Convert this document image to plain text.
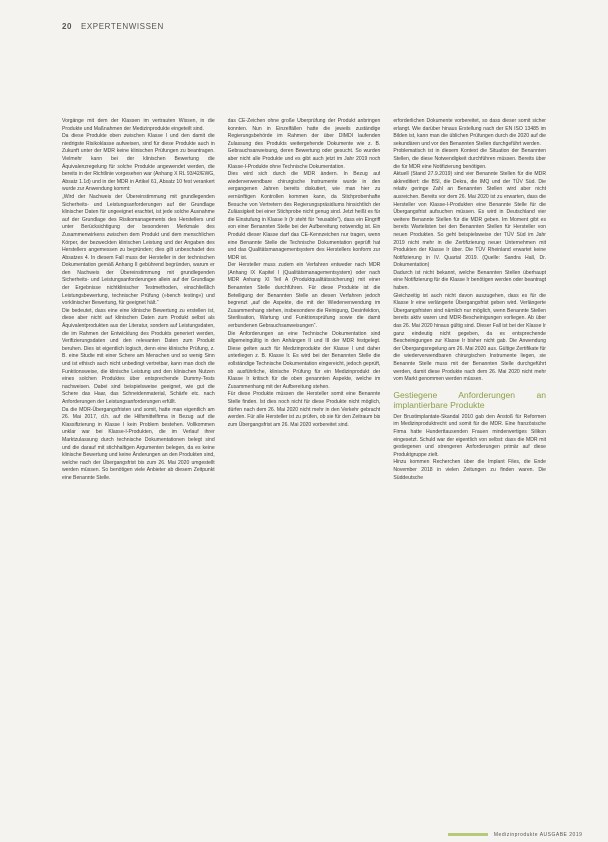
20 EXPERTENWISSEN

Vorgänge mit dem der Klassen im vertrauten Wissen, in die Produkte und Maßnahmen der Medizinprodukte eingeteilt sind.

Da diese Produkte oben zwischen Klasse I und den damit die niedrigste Risikoklasse aufweisen, sind für diese Produkte auch in Zukunft unter der MDR keine klinischen Prüfungen zu beantragen. Vielmehr kann bei der klinischen Bewertung die Äquivalenzregelung für solche Produkte angewendet werden, die bereits in der Richtlinie vorgesehen war (Anhang X RL 93/42/EWG, Absatz 1.1d) und in der MDR in Artikel 61, Absatz 10 fest verankert wurde zur Anwendung kommt:

„Wird der Nachweis der Übereinstimmung mit grundlegenden Sicherheits- und Leistungsanforderungen auf der Grundlage klinischer Daten für ungeeignet erachtet, ist jede solche Ausnahme auf der Grundlage des Risikomanagements des Herstellers und unter Berücksichtigung der besonderen Merkmale des Zusammenwirkens zwischen dem Produkt und dem menschlichen Körper, der bezweckten klinischen Leistung und der Angaben des Herstellers angemessen zu begründen; dies gilt unbeschadet des Absatzes 4. In diesem Fall muss der Hersteller in der technischen Dokumentation gemäß Anhang II gebührend begründen, warum er den Nachweis der Übereinstimmung mit grundlegenden Sicherheits- und Leistungsanforderungen allein auf der Grundlage der Ergebnisse nichtklinischer Testmethoden, einschließlich Leistungsbewertung, technischer Prüfung (»bench testing«) und vorklinischer Bewertung, für geeignet hält.“

Die bedeutet, dass eine eine klinische Bewertung zu erstellen ist, diese aber nicht auf klinischen Daten zum Produkt selbst als Äquivalentprodukten aus der Literatur, sondern auf Leistungsdaten, die im Rahmen der Entwicklung des Produkts generiert werden, Verifizierungsdaten und den relevanten Daten zum Produkt beruhen. Dies ist eigentlich logisch, denn eine klinische Prüfung, z. B. eine Studie mit einer Schere am Menschen und so wenig Sinn und ist ethisch auch nicht unbedingt vertretbar, kann man doch die Funktionsweise, die klinische Leistung und den klinischen Nutzen eines solchen Produktes über entsprechende Dummy-Tests nachweisen. Dabei sind beispielsweise geeignet, wie gut die Schere das Haar, das Schneidenmaterial, Schärfe etc. nach Anforderungen der Leistungsanforderungen erfüllt.

Da die MDR-Übergangsfristen und somit, hatte man eigentlich am 26. Mai 2017, d.h. auf die Hilfsmittelfirma in Bezug auf die Klassifizierung in Klasse I kein Problem bestehen. Vollkommen unklar war bei Klasse-I-Produkten, die im Verlauf ihrer Marktzulassung durch technische Dokumentationen belegt sind und die darauf mit stichhaltigen Argumenten belegen, da es keine klinische Bewertung und keine Änderungen an den Produkten sind, welche nach der Übergangsfrist bis zum 26. Mai 2020 umgestellt werden müssen. So benötigen viele Anbieter ab diesem Zeitpunkt eine Benannte Stelle.

das CE-Zeichen ohne große Überprüfung der Produkt anbringen konnten. Nun in Einzelfällen hatte die jeweils zuständige Regierungsbehörde im Rahmen der über DIMDI laufenden Zulassung des Produkts weitergehende Dokumente wie z. B. Gebrauchsanweisung, deren Bewertung oder gesucht. So wurden aber nicht alle Produkte und es gibt auch jetzt im Jahr 2019 noch Klasse-I-Produkte ohne Technische Dokumentation.

Dies wird sich durch die MDR ändern. In Bezug auf wiederverwendbare chirurgische Instrumente wurde in den vergangenen Jahren bereits diskutiert, wie man hier zu vernünftigen Kontrollen kommen kann, da Stichprobenhafte Besuche von Vertretern des Regierungspräsidiums hinsichtlich der Zulässigkeit bei einer Stichprobe nicht genug sind. Jetzt heißt es für die Einstufung in Klasse Ir (Ir steht für "reusable"), dass ein Eingriff von einer Benannten Stelle bei der Aufbereitung notwendig ist. Ein Produkt dieser Klasse darf das CE-Kennzeichen nur tragen, wenn eine Benannte Stelle die Technische Dokumentation geprüft hat und das Qualitätsmanagementsystem des Herstellers konform zur MDR ist.

Der Hersteller muss zudem ein Verfahren entweder nach MDR (Anhang IX Kapitel I (Qualitätsmanagementsystem) oder nach MDR Anhang XI Teil A (Produktqualitätssicherung) mit einer Benannten Stelle durchführen. Für diese Produkte ist die Beteiligung der Benannten Stelle an diesen Verfahren jedoch begrenzt „auf die Aspekte, die mit der Wiederverwendung im Zusammenhang stehen, insbesondere die Reinigung, Desinfektion, Sterilisation, Wartung und Funktionsprüfung sowie die damit verbundenen Gebrauchsanweisungen“.

Die Anforderungen an eine Technische Dokumentation sind allgemeingültig in den Anhängen II und III der MDR festgelegt. Diese gelten auch für Medizinprodukte der Klasse I und daher unterliegen z. B. Klasse Ir. Es wird bei der Benannten Stelle die vollständige Technische Dokumentation eingereicht, jedoch geprüft, ob ausführliche, klinische Prüfung für ein Medizinprodukt der Klasse Ir kritisch für die oben genannten Aspekte, welche im Zusammenhang mit der Aufbereitung stehen.

Für diese Produkte müssen die Hersteller somit eine Benannte Stelle finden. Ist dies noch nicht für diese Produkte nicht möglich, dürfen nach dem 26. Mai 2020 nicht mehr in den Verkehr gebracht werden. Für alle Hersteller ist zu prüfen, ob sie für den Zeitraum bis zum Übergangsfrist am 26. Mai 2020 vorbereitet sind.

erforderlichen Dokumente vorbereitet, so dass dieser somit sicher erlangt. Wie darüber hinaus Erstellung nach der EN ISO 13485 im Bilden ist, kann man die üblichen Prüfungen durch die 2020 auf die sekundären und vor den Benannten Stellen durchgeführt werden.

Problematisch ist in diesem Kontext die Situation der Benannten Stellen, die diese Notwendigkeit durchführen müssen. Bereits über die für MDR eine Notifizierung benötigen.

Aktuell (Stand 27.9.2019) sind vier Benannte Stellen für die MDR akkreditiert: die BSI, die Dekra, die IMQ und der TÜV Süd. Die relativ geringe Zahl an Benannten Stellen wird aber nicht ausreichen. Bereits vor dem 26. Mai 2020 ist zu erwarten, dass die Hersteller von Klasse-I-Produkten eine Benannte Stelle für die Übergangsfrist aufsuchen müssen. Es wird in Deutschland vier weitere Benannte Stellen für die MDR geben. Im Moment gibt es bereits Wartelisten bei den Benannten Stellen für Hersteller von neuen Produkten. So geht beispielsweise der TÜV Süd im Jahr 2019 nicht mehr in die Zertifizierung neuer Unternehmen mit Produkten der Klasse Ir über. Die TÜV Rheinland erwartet keine Notifizierung in IV. Quartal 2019. (Quelle: Sandra Hall, Dr. Dokumentation)

Dadurch ist nicht bekannt, welche Benannten Stellen überhaupt eine Notifizierung für die Klasse Ir benötigen werden oder beantragt haben.

Gleichzeitig ist auch nicht davon auszugehen, dass es für die Klasse Ir eine verlängerte Übergangsfrist geben wird. Verlängerte Übergangsfristen sind nämlich nur möglich, wenn Benannte Stellen bereits aktiv waren und MDR-Bescheinigungen vorliegen. Ab über das 26. Mai 2020 hinaus gültig sind. Dieser Fall ist bei der Klasse Ir ganz eindeutig nicht gegeben, da es entsprechende Bescheinigungen zur Klasse Ir bisher nicht gab. Die Anwendung der Übergangsregelung am 26. Mai 2020 aus. Gültige Zertifikate für die wiederverwendbaren chirurgischen Instrumente liegen, sie Benannte Stelle muss mit der Benannten Stelle durchgeführt werden, damit diese Produkte nach dem 26. Mai 2020 nicht mehr vom Markt genommen werden müssen.

Gestiegene Anforderungen an implantierbare Produkte

Der Brustimplantate-Skandal 2010 gab den Anstoß für Reformen im Medizinproduktrecht und somit für die MDR. Eine französische Firma hatte Hunderttausenden Frauen minderwertiges Silikon eingesetzt. Schuld war der eigentlich von selbst: dass die MDR mit gestiegenen und strengeren Anforderungen primär auf diese Produktgruppe zielt.

Hinzu kommen Recherchen über die Implant Files, die Ende November 2018 in vielen Zeitungen zu finden waren. Die Süddeutsche

Medizinprodukte AUSGABE 2019
